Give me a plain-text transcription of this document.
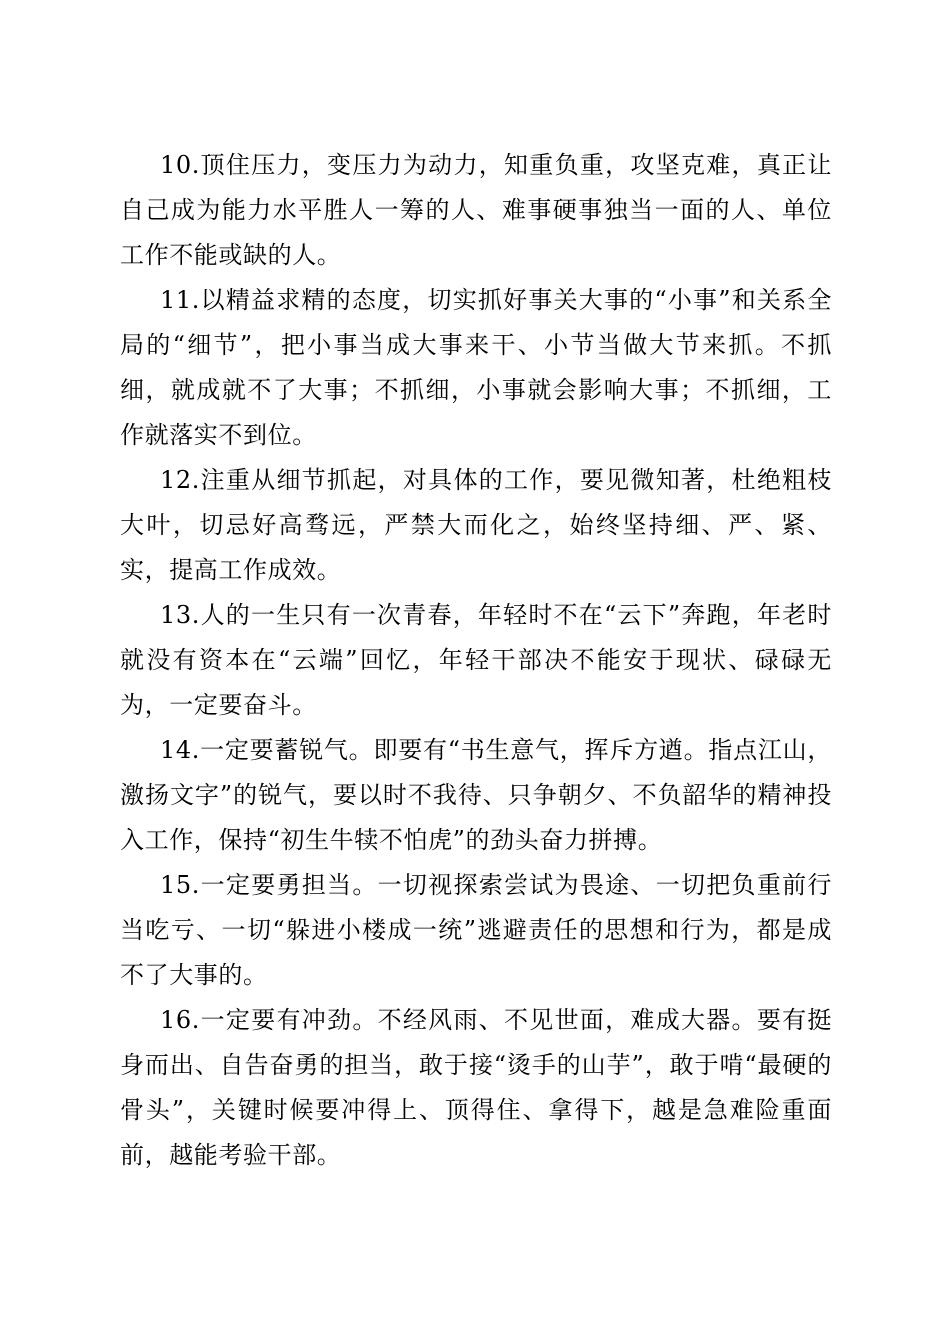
10.顶住压力，变压力为动力，知重负重，攻坚克难，真正让自己成为能力水平胜人一筹的人、难事硬事独当一面的人、单位工作不能或缺的人。

11.以精益求精的态度，切实抓好事关大事的“小事”和关系全局的“细节”，把小事当成大事来干、小节当做大节来抓。不抓细，就成就不了大事；不抓细，小事就会影响大事；不抓细，工作就落实不到位。

12.注重从细节抓起，对具体的工作，要见微知著，杜绝粗枝大叶，切忌好高骛远，严禁大而化之，始终坚持细、严、紧、实，提高工作成效。

13.人的一生只有一次青春，年轻时不在“云下”奔跑，年老时就没有资本在“云端”回忆，年轻干部决不能安于现状、碌碌无为，一定要奋斗。

14.一定要蓄锐气。即要有“书生意气，挥斥方遒。指点江山，激扬文字”的锐气，要以时不我待、只争朝夕、不负韶华的精神投入工作，保持“初生牛犊不怕虎”的劲头奋力拼搏。

15.一定要勇担当。一切视探索尝试为畏途、一切把负重前行当吃亏、一切“躲进小楼成一统”逃避责任的思想和行为，都是成不了大事的。

16.一定要有冲劲。不经风雨、不见世面，难成大器。要有挺身而出、自告奋勇的担当，敢于接“烫手的山芋”，敢于啃“最硬的骨头”，关键时候要冲得上、顶得住、拿得下，越是急难险重面前，越能考验干部。
